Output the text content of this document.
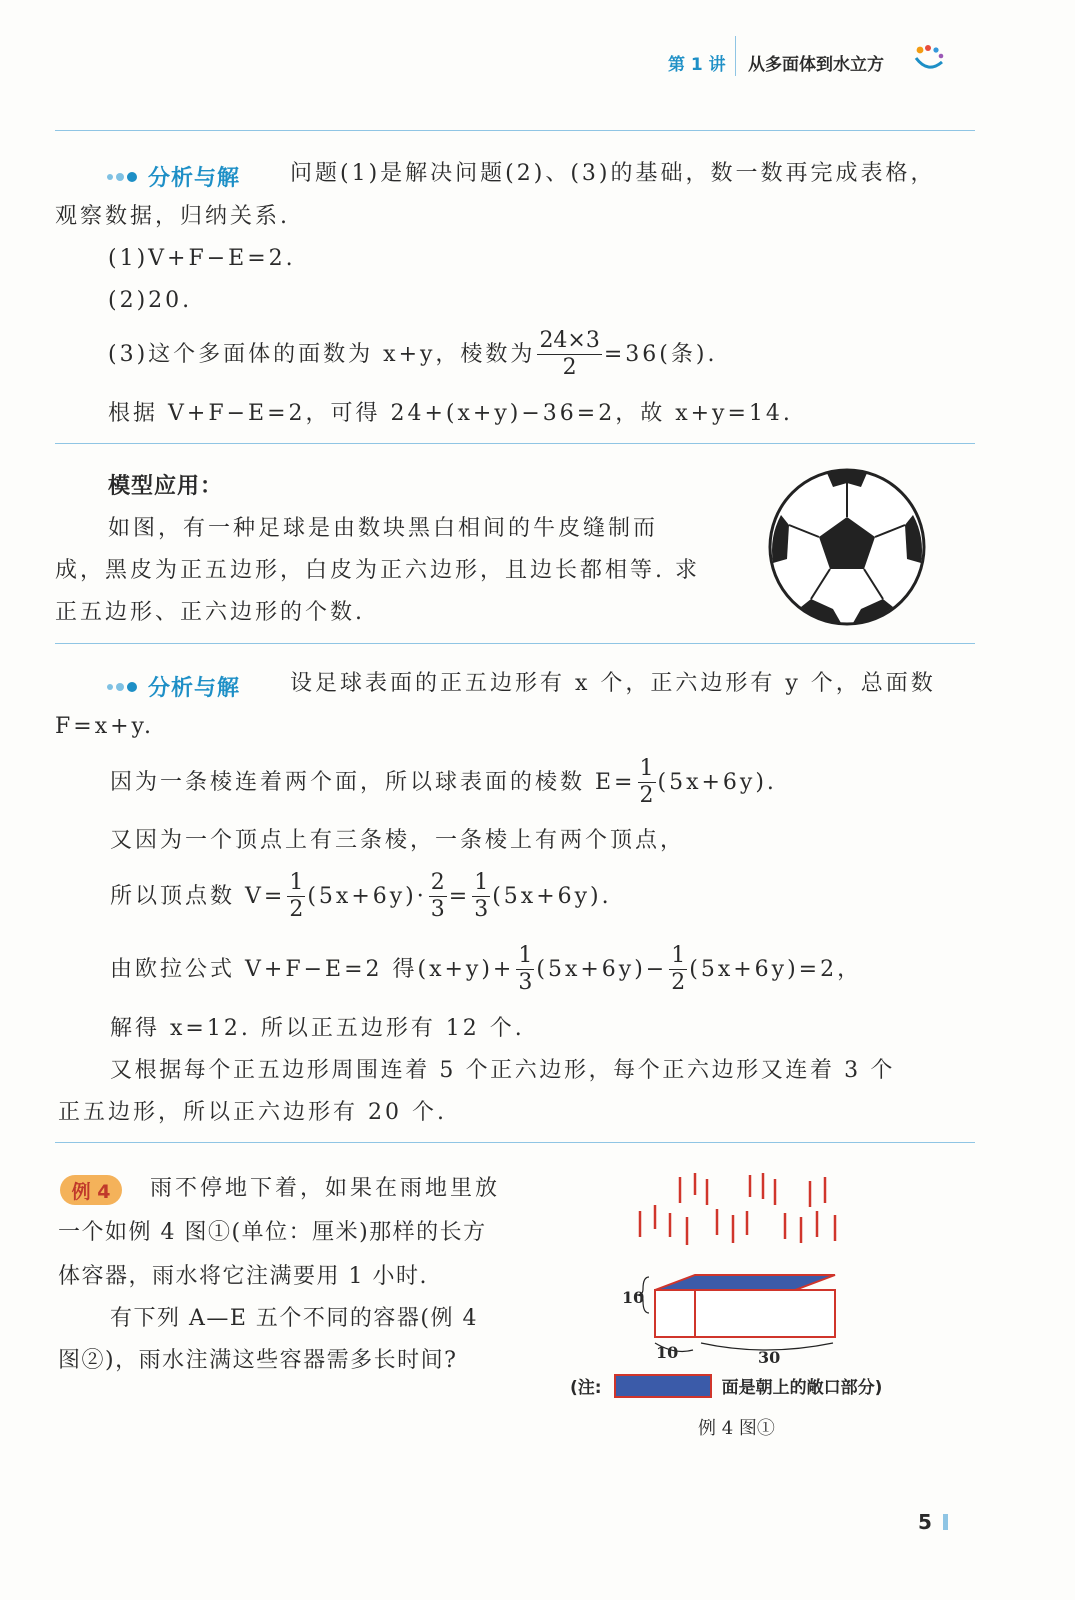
第 1 讲 从多面体到水立方
分析与解 问题(1)是解决问题(2)、(3)的基础，数一数再完成表格，
观察数据，归纳关系.
(1)V+F−E=2.
(2)20.
(3)这个多面体的面数为 x+y，棱数为 $\frac{24\times 3}{2} =36$(条).
根据 V+F−E=2，可得 24+(x+y)−36=2，故 x+y=14.
模型应用：
如图，有一种足球是由数块黑白相间的牛皮缝制而
成，黑皮为正五边形，白皮为正六边形，且边长都相等. 求
正五边形、正六边形的个数.
分析与解 设足球表面的正五边形有 x 个，正六边形有 y 个，总面数
F=x+y.
因为一条棱连着两个面，所以球表面的棱数 $E= \frac{1}{2} (5x+6y)$.
又因为一个顶点上有三条棱，一条棱上有两个顶点，
所以顶点数 $V= \frac{1}{2} (5x+6y)\cdot \frac{2}{3} = \frac{1}{3} (5x+6y)$.
由欧拉公式 V+F−E=2 得$(x+y)+ \frac{1}{3} (5x+6y)- \frac{1}{2} (5x+6y)=2$，
解得 x=12. 所以正五边形有 12 个.
又根据每个正五边形周围连着 5 个正六边形，每个正六边形又连着 3 个
正五边形，所以正六边形有 20 个.
例 4	雨不停地下着，如果在雨地里放
一个如例 4 图①(单位：厘米)那样的长方
体容器，雨水将它注满要用 1 小时.
有下列 A—E 五个不同的容器(例 4
图②)，雨水注满这些容器需多长时间?
10
10	30
(注:	面是朝上的敞口部分)
例 4 图①
5
